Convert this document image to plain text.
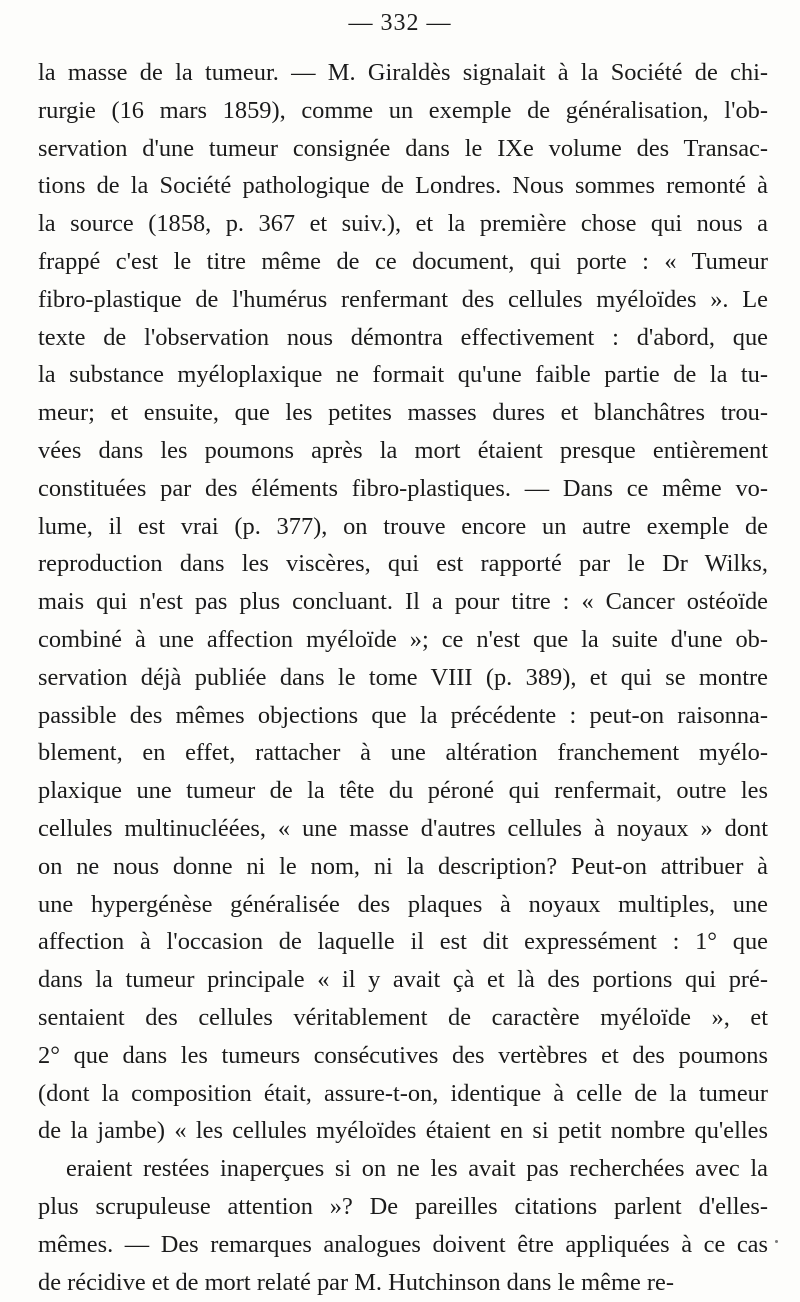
— 332 —
la masse de la tumeur. — M. Giraldès signalait à la Société de chi-
rurgie (16 mars 1859), comme un exemple de généralisation, l'ob-
servation d'une tumeur consignée dans le IXe volume des Transac-
tions de la Société pathologique de Londres. Nous sommes remonté à
la source (1858, p. 367 et suiv.), et la première chose qui nous a
frappé c'est le titre même de ce document, qui porte : « Tumeur
fibro-plastique de l'humérus renfermant des cellules myéloïdes ». Le
texte de l'observation nous démontra effectivement : d'abord, que
la substance myéloplaxique ne formait qu'une faible partie de la tu-
meur; et ensuite, que les petites masses dures et blanchâtres trou-
vées dans les poumons après la mort étaient presque entièrement
constituées par des éléments fibro-plastiques. — Dans ce même vo-
lume, il est vrai (p. 377), on trouve encore un autre exemple de
reproduction dans les viscères, qui est rapporté par le Dr Wilks,
mais qui n'est pas plus concluant. Il a pour titre : « Cancer ostéoïde
combiné à une affection myéloïde »; ce n'est que la suite d'une ob-
servation déjà publiée dans le tome VIII (p. 389), et qui se montre
passible des mêmes objections que la précédente : peut-on raisonna-
blement, en effet, rattacher à une altération franchement myélo-
plaxique une tumeur de la tête du péroné qui renfermait, outre les
cellules multinucléées, « une masse d'autres cellules à noyaux » dont
on ne nous donne ni le nom, ni la description? Peut-on attribuer à
une hypergénèse généralisée des plaques à noyaux multiples, une
affection à l'occasion de laquelle il est dit expressément : 1° que
dans la tumeur principale « il y avait çà et là des portions qui pré-
sentaient des cellules véritablement de caractère myéloïde », et
2° que dans les tumeurs consécutives des vertèbres et des poumons
(dont la composition était, assure-t-on, identique à celle de la tumeur
de la jambe) « les cellules myéloïdes étaient en si petit nombre qu'elles
eraient restées inaperçues si on ne les avait pas recherchées avec la
plus scrupuleuse attention »? De pareilles citations parlent d'elles-
mêmes. — Des remarques analogues doivent être appliquées à ce cas
de récidive et de mort relaté par M. Hutchinson dans le même re-
